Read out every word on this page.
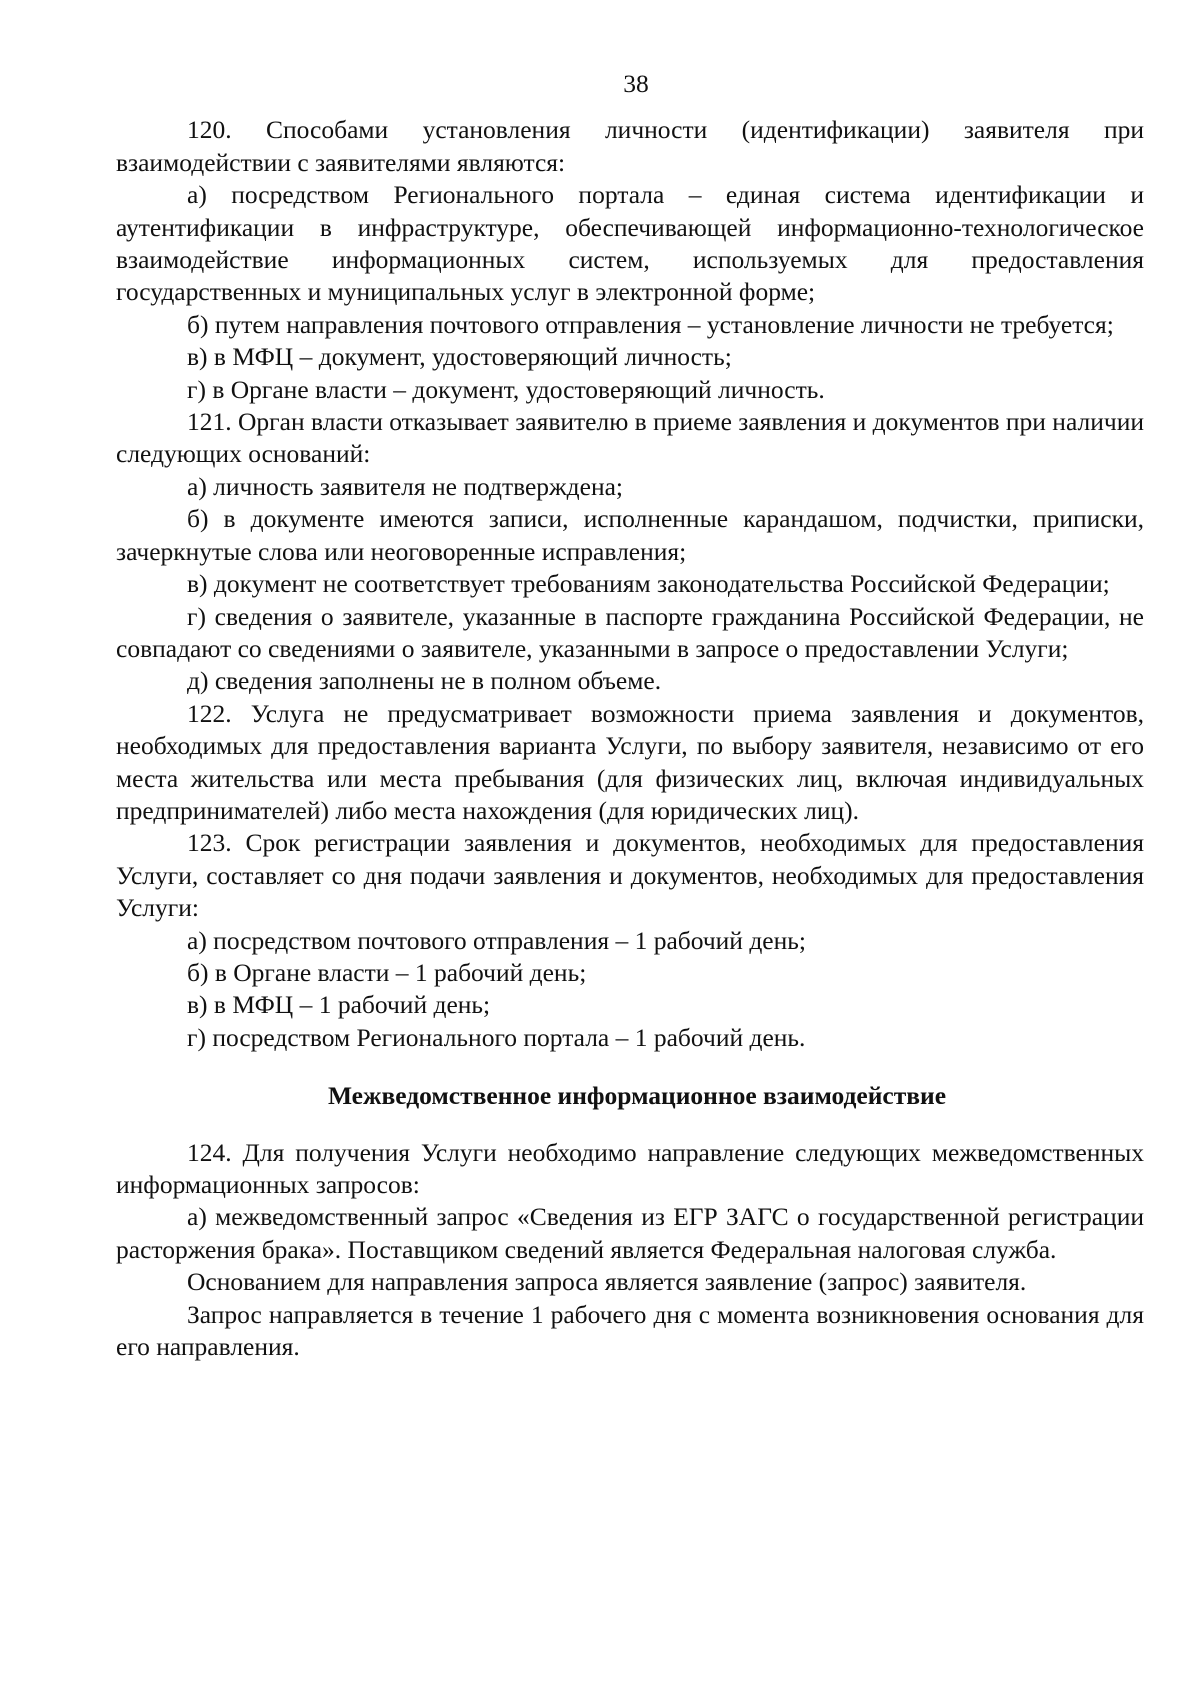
38

120. Способами установления личности (идентификации) заявителя при взаимодействии с заявителями являются:

а) посредством Регионального портала – единая система идентификации и аутентификации в инфраструктуре, обеспечивающей информационно-технологическое взаимодействие информационных систем, используемых для предоставления государственных и муниципальных услуг в электронной форме;

б) путем направления почтового отправления – установление личности не требуется;

в) в МФЦ – документ, удостоверяющий личность;

г) в Органе власти – документ, удостоверяющий личность.

121. Орган власти отказывает заявителю в приеме заявления и документов при наличии следующих оснований:

а) личность заявителя не подтверждена;

б) в документе имеются записи, исполненные карандашом, подчистки, приписки, зачеркнутые слова или неоговоренные исправления;

в) документ не соответствует требованиям законодательства Российской Федерации;

г) сведения о заявителе, указанные в паспорте гражданина Российской Федерации, не совпадают со сведениями о заявителе, указанными в запросе о предоставлении Услуги;

д) сведения заполнены не в полном объеме.

122. Услуга не предусматривает возможности приема заявления и документов, необходимых для предоставления варианта Услуги, по выбору заявителя, независимо от его места жительства или места пребывания (для физических лиц, включая индивидуальных предпринимателей) либо места нахождения (для юридических лиц).

123. Срок регистрации заявления и документов, необходимых для предоставления Услуги, составляет со дня подачи заявления и документов, необходимых для предоставления Услуги:

а) посредством почтового отправления – 1 рабочий день;

б) в Органе власти – 1 рабочий день;

в) в МФЦ – 1 рабочий день;

г) посредством Регионального портала – 1 рабочий день.

Межведомственное информационное взаимодействие

124. Для получения Услуги необходимо направление следующих межведомственных информационных запросов:

а) межведомственный запрос «Сведения из ЕГР ЗАГС о государственной регистрации расторжения брака». Поставщиком сведений является Федеральная налоговая служба.

Основанием для направления запроса является заявление (запрос) заявителя.

Запрос направляется в течение 1 рабочего дня с момента возникновения основания для его направления.
